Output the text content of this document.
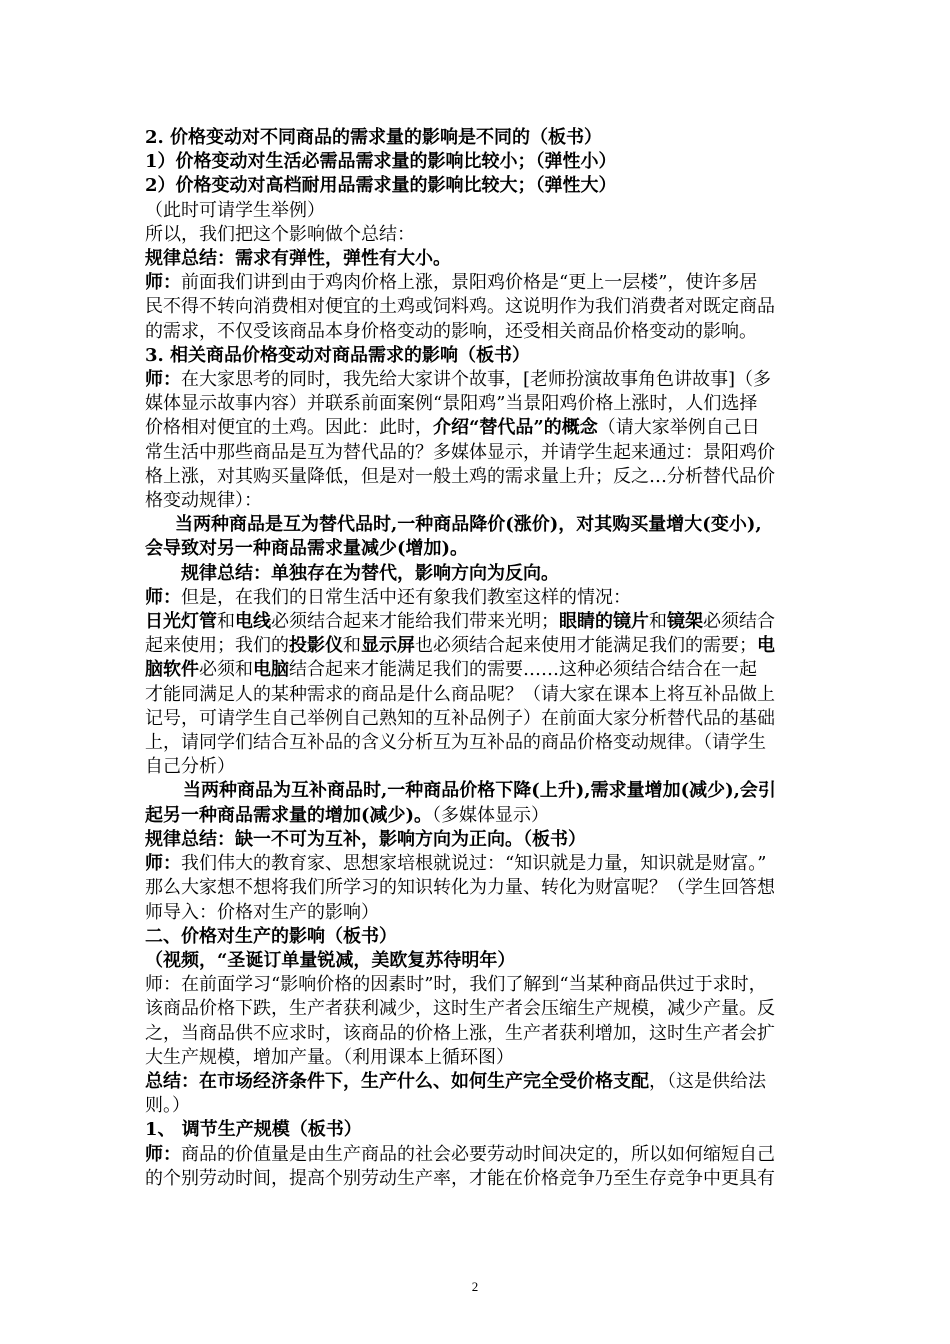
2. 价格变动对不同商品的需求量的影响是不同的（板书）
1）价格变动对生活必需品需求量的影响比较小；（弹性小）
2）价格变动对高档耐用品需求量的影响比较大；（弹性大）
（此时可请学生举例）
所以，我们把这个影响做个总结：
规律总结：需求有弹性，弹性有大小。
师：前面我们讲到由于鸡肉价格上涨，景阳鸡价格是“更上一层楼”，使许多居
民不得不转向消费相对便宜的土鸡或饲料鸡。这说明作为我们消费者对既定商品
的需求，不仅受该商品本身价格变动的影响，还受相关商品价格变动的影响。
3. 相关商品价格变动对商品需求的影响（板书）
师：在大家思考的同时，我先给大家讲个故事，[老师扮演故事角色讲故事]（多
媒体显示故事内容）并联系前面案例“景阳鸡”当景阳鸡价格上涨时，人们选择
价格相对便宜的土鸡。因此：此时，介绍“替代品”的概念（请大家举例自己日
常生活中那些商品是互为替代品的？多媒体显示，并请学生起来通过：景阳鸡价
格上涨，对其购买量降低，但是对一般土鸡的需求量上升；反之…分析替代品价
格变动规律）：
当两种商品是互为替代品时,一种商品降价(涨价)，对其购买量增大(变小),
会导致对另一种商品需求量减少(增加)。
规律总结：单独存在为替代，影响方向为反向。
师：但是，在我们的日常生活中还有象我们教室这样的情况：
日光灯管和电线必须结合起来才能给我们带来光明；眼睛的镜片和镜架必须结合
起来使用；我们的投影仪和显示屏也必须结合起来使用才能满足我们的需要；电
脑软件必须和电脑结合起来才能满足我们的需要……这种必须结合结合在一起
才能同满足人的某种需求的商品是什么商品呢？（请大家在课本上将互补品做上
记号，可请学生自己举例自己熟知的互补品例子）在前面大家分析替代品的基础
上，请同学们结合互补品的含义分析互为互补品的商品价格变动规律。（请学生
自己分析）
当两种商品为互补商品时,一种商品价格下降(上升),需求量增加(减少),会引
起另一种商品需求量的增加(减少)。（多媒体显示）
规律总结：缺一不可为互补，影响方向为正向。（板书）
师：我们伟大的教育家、思想家培根就说过：“知识就是力量，知识就是财富。”
那么大家想不想将我们所学习的知识转化为力量、转化为财富呢？（学生回答想
师导入：价格对生产的影响）
二、价格对生产的影响（板书）
（视频，“圣诞订单量锐减，美欧复苏待明年）
师：在前面学习“影响价格的因素时”时，我们了解到“当某种商品供过于求时，
该商品价格下跌，生产者获利减少，这时生产者会压缩生产规模，减少产量。反
之，当商品供不应求时，该商品的价格上涨，生产者获利增加，这时生产者会扩
大生产规模，增加产量。（利用课本上循环图）
总结：在市场经济条件下，生产什么、如何生产完全受价格支配，（这是供给法
则。）
1、 调节生产规模（板书）
师：商品的价值量是由生产商品的社会必要劳动时间决定的，所以如何缩短自己
的个别劳动时间，提高个别劳动生产率，才能在价格竞争乃至生存竞争中更具有
2
